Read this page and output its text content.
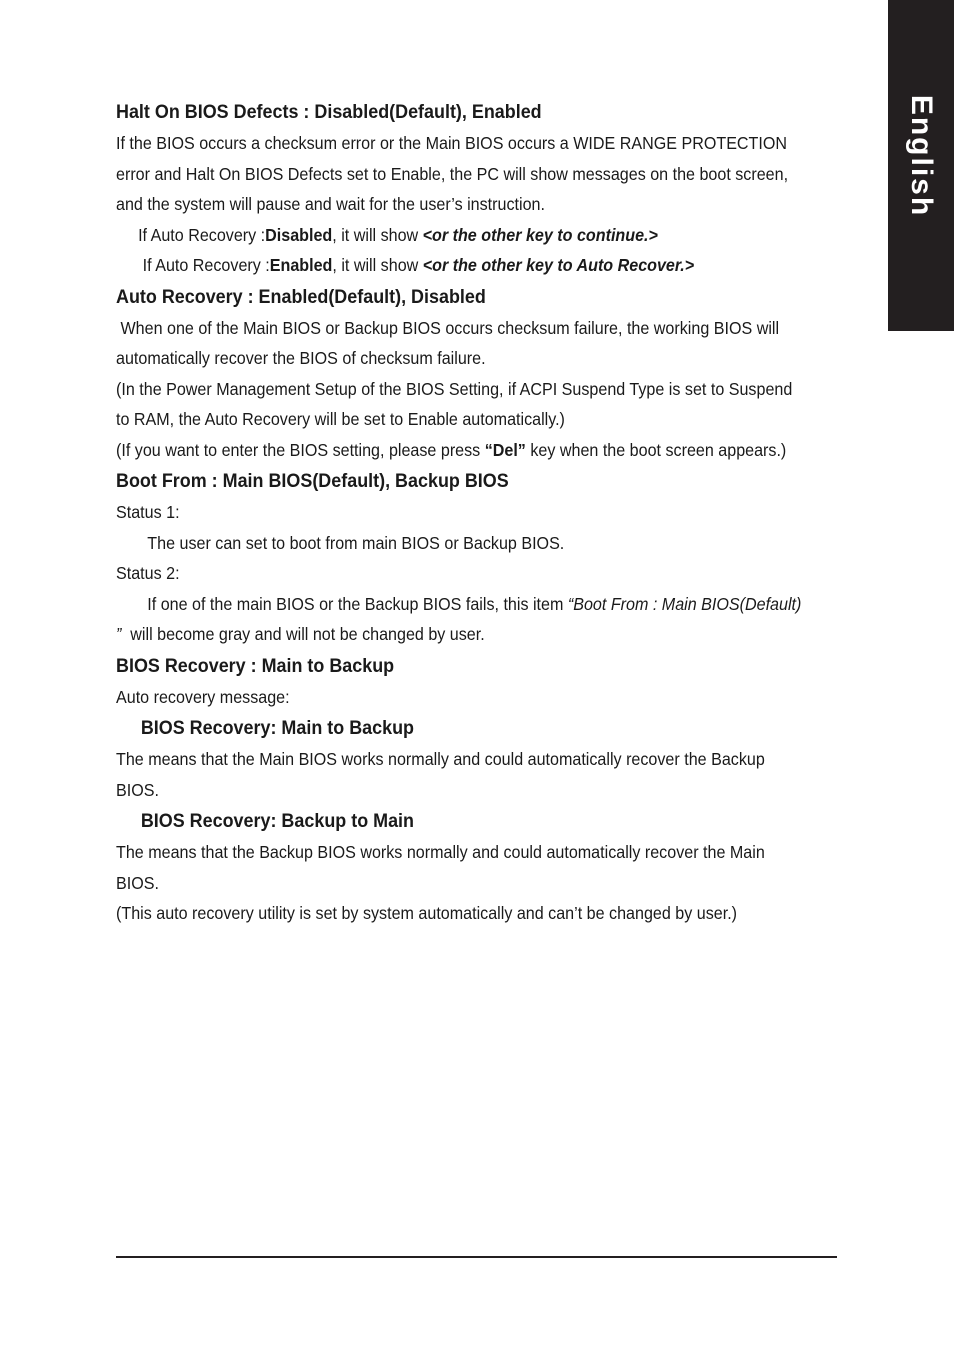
English

Halt On BIOS Defects : Disabled(Default), Enabled

If the BIOS occurs a checksum error or the Main BIOS occurs a WIDE RANGE PROTECTION

error and Halt On BIOS Defects set to Enable, the PC will show messages on the boot screen,

and the system will pause and wait for the user’s instruction.

If Auto Recovery :Disabled, it will show <or the other key to continue.>

If Auto Recovery :Enabled, it will show <or the other key to Auto Recover.>

Auto Recovery : Enabled(Default), Disabled

When one of the Main BIOS or Backup BIOS occurs checksum failure, the working BIOS will

automatically recover the BIOS of checksum failure.

(In the Power Management Setup of the BIOS Setting, if ACPI Suspend Type is set to Suspend

to RAM, the Auto Recovery will be set to Enable automatically.)

(If you want to enter the BIOS setting, please press “Del” key when the boot screen appears.)

Boot From : Main BIOS(Default), Backup BIOS

Status 1:

The user can set to boot from main BIOS or Backup BIOS.

Status 2:

If one of the main BIOS or the Backup BIOS fails, this item “Boot From : Main BIOS(Default)

”  will become gray and will not be changed by user.

BIOS Recovery : Main to Backup

Auto recovery message:

BIOS Recovery: Main to Backup

The means that the Main BIOS works normally and could automatically recover the Backup

BIOS.

BIOS Recovery: Backup to Main

The means that the Backup BIOS works normally and could automatically recover the Main

BIOS.

(This auto recovery utility is set by system automatically and can’t be changed by user.)
